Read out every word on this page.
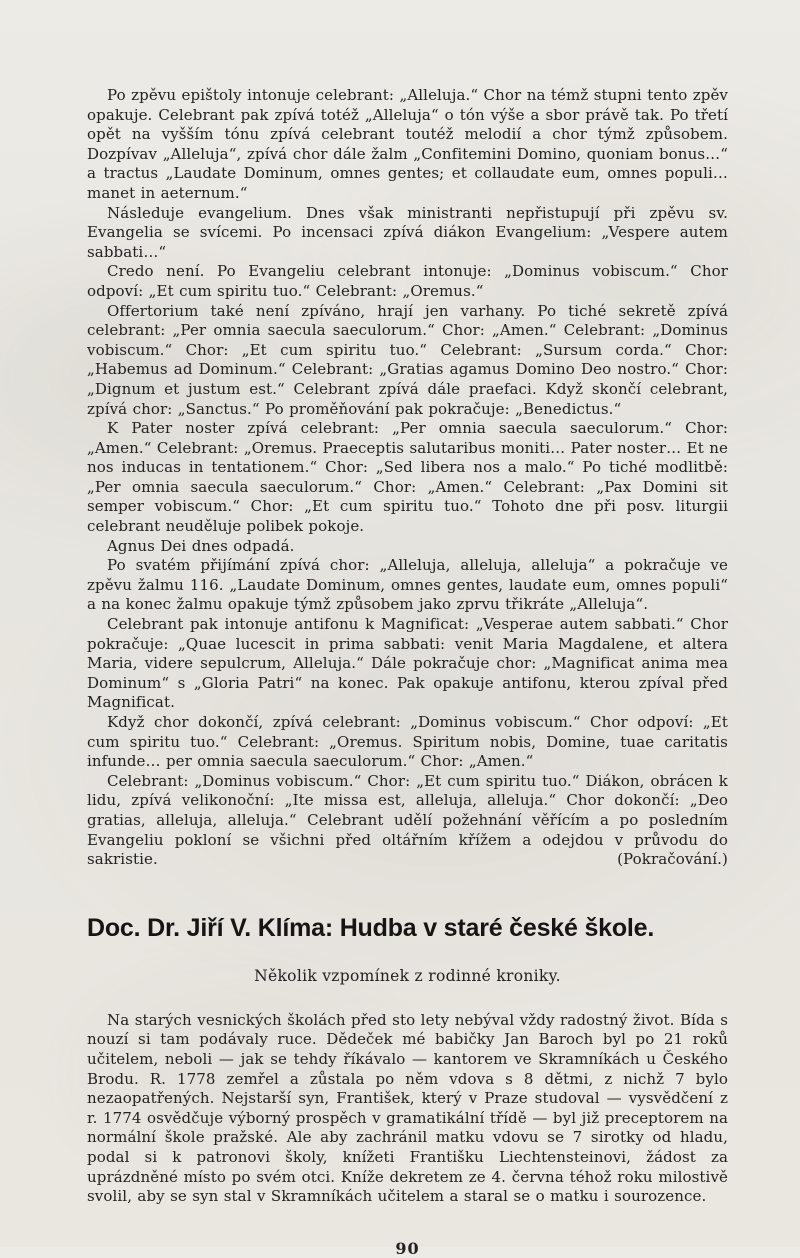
Po zpěvu epištoly intonuje celebrant: „Alleluja.“ Chor na témž stupni tento zpěv opakuje. Celebrant pak zpívá totéž „Alleluja“ o tón výše a sbor právě tak. Po třetí opět na vyšším tónu zpívá celebrant toutéž melodií a chor týmž způsobem. Dozpívav „Alleluja“, zpívá chor dále žalm „Confitemini Domino, quoniam bonus…“ a tractus „Laudate Dominum, omnes gentes; et collaudate eum, omnes populi… manet in aeternum.“

Následuje evangelium. Dnes však ministranti nepřistupují při zpěvu sv. Evangelia se svícemi. Po incensaci zpívá diákon Evangelium: „Vespere autem sabbati…“

Credo není. Po Evangeliu celebrant intonuje: „Dominus vobiscum.“ Chor odpoví: „Et cum spiritu tuo.“ Celebrant: „Oremus.“

Offertorium také není zpíváno, hrají jen varhany. Po tiché sekretě zpívá celebrant: „Per omnia saecula saeculorum.“ Chor: „Amen.“ Celebrant: „Dominus vobiscum.“ Chor: „Et cum spiritu tuo.“ Celebrant: „Sursum corda.“ Chor: „Habemus ad Dominum.“ Celebrant: „Gratias agamus Domino Deo nostro.“ Chor: „Dignum et justum est.“ Celebrant zpívá dále praefaci. Když skončí celebrant, zpívá chor: „Sanctus.“ Po proměňování pak pokračuje: „Benedictus.“

K Pater noster zpívá celebrant: „Per omnia saecula saeculorum.“ Chor: „Amen.“ Celebrant: „Oremus. Praeceptis salutaribus moniti… Pater noster… Et ne nos inducas in tentationem.“ Chor: „Sed libera nos a malo.“ Po tiché modlitbě: „Per omnia saecula saeculorum.“ Chor: „Amen.“ Celebrant: „Pax Domini sit semper vobiscum.“ Chor: „Et cum spiritu tuo.“ Tohoto dne při posv. liturgii celebrant neuděluje polibek pokoje.

Agnus Dei dnes odpadá.

Po svatém přijímání zpívá chor: „Alleluja, alleluja, alleluja“ a pokračuje ve zpěvu žalmu 116. „Laudate Dominum, omnes gentes, laudate eum, omnes populi“ a na konec žalmu opakuje týmž způsobem jako zprvu třikráte „Alleluja“.

Celebrant pak intonuje antifonu k Magnificat: „Vesperae autem sabbati.“ Chor pokračuje: „Quae lucescit in prima sabbati: venit Maria Magdalene, et altera Maria, videre sepulcrum, Alleluja.“ Dále pokračuje chor: „Magnificat anima mea Dominum“ s „Gloria Patri“ na konec. Pak opakuje antifonu, kterou zpíval před Magnificat.

Když chor dokončí, zpívá celebrant: „Dominus vobiscum.“ Chor odpoví: „Et cum spiritu tuo.“ Celebrant: „Oremus. Spiritum nobis, Domine, tuae caritatis infunde… per omnia saecula saeculorum.“ Chor: „Amen.“

Celebrant: „Dominus vobiscum.“ Chor: „Et cum spiritu tuo.“ Diákon, obrácen k lidu, zpívá velikonoční: „Ite missa est, alleluja, alleluja.“ Chor dokončí: „Deo gratias, alleluja, alleluja.“ Celebrant udělí požehnání věřícím a po posledním Evangeliu pokloní se všichni před oltářním křížem a odejdou v průvodu do sakristie.	(Pokračování.)

Doc. Dr. Jiří V. Klíma: Hudba v staré české škole.

Několik vzpomínek z rodinné kroniky.

Na starých vesnických školách před sto lety nebýval vždy radostný život. Bída s nouzí si tam podávaly ruce. Dědeček mé babičky Jan Baroch byl po 21 roků učitelem, neboli — jak se tehdy říkávalo — kantorem ve Skramníkách u Českého Brodu. R. 1778 zemřel a zůstala po něm vdova s 8 dětmi, z nichž 7 bylo nezaopatřených. Nejstarší syn, František, který v Praze studoval — vysvědčení z r. 1774 osvědčuje výborný prospěch v gramatikální třídě — byl již preceptorem na normální škole pražské. Ale aby zachránil matku vdovu se 7 sirotky od hladu, podal si k patronovi školy, knížeti Františku Liechtensteinovi, žádost za uprázdněné místo po svém otci. Kníže dekretem ze 4. června téhož roku milostivě svolil, aby se syn stal v Skramníkách učitelem a staral se o matku i sourozence.

90
